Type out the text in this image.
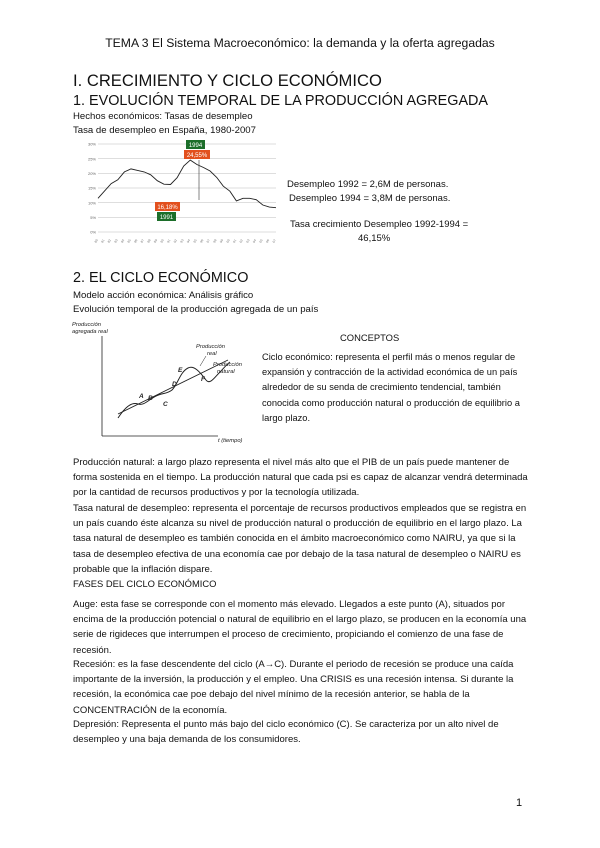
TEMA 3 El Sistema Macroeconómico: la demanda y la oferta agregadas
I. CRECIMIENTO Y CICLO ECONÓMICO
1. EVOLUCIÓN TEMPORAL DE LA PRODUCCIÓN AGREGADA
Hechos económicos: Tasas de desempleo
Tasa de desempleo en España, 1980-2007
30%
25%
20%
15%
10%
5%
0%
80 81 82 83 84 85 86 87 88 89 90 91 92 93 94 95 96 97 98 99 00 01 02 03 04 05 06 07
1994
24,55%
16,18%
1991
Desempleo 1992 = 2,6M de personas.
Desempleo 1994 = 3,8M de personas.
Tasa crecimiento Desempleo 1992-1994 =
46,15%
2. EL CICLO ECONÓMICO
Modelo acción económica: Análisis gráfico
Evolución temporal de la producción agregada de un país
Producción
agregada real
t (tiempo)
Producción
real
Producción
natural
A B
C
D
E
F
CONCEPTOS
Ciclo económico: representa el perfil más o menos regular de expansión y contracción de la actividad económica de un país alrededor de su senda de crecimiento tendencial, también conocida como producción natural o producción de equilibrio a largo plazo.

Producción natural: a largo plazo representa el nivel más alto que el PIB de un país puede mantener de forma sostenida en el tiempo. La producción natural que cada psi es capaz de alcanzar vendrá determinada por la cantidad de recursos productivos y por la tecnología utilizada.

Tasa natural de desempleo: representa el porcentaje de recursos productivos empleados que se registra en un país cuando éste alcanza su nivel de producción natural o producción de equilibrio en el largo plazo. La tasa natural de desempleo es también conocida en el ámbito macroeconómico como NAIRU, ya que si la tasa de desempleo efectiva de una economía cae por debajo de la tasa natural de desempleo o NAIRU es probable que la inflación dispare.

FASES DEL CICLO ECONÓMICO

Auge: esta fase se corresponde con el momento más elevado. Llegados a este punto (A), situados por encima de la producción potencial o natural de equilibrio en el largo plazo, se producen en la economía una serie de rigideces que interrumpen el proceso de crecimiento, propiciando el comienzo de una fase de recesión.

Recesión: es la fase descendente del ciclo (A→C). Durante el periodo de recesión se produce una caída importante de la inversión, la producción y el empleo. Una CRISIS es una recesión intensa. Si durante la recesión, la económica cae poe debajo del nivel mínimo de la recesión anterior, se habla de la CONCENTRACIÓN de la economía.

Depresión: Representa el punto más bajo del ciclo económico (C). Se caracteriza por un alto nivel de desempleo y una baja demanda de los consumidores.

1
